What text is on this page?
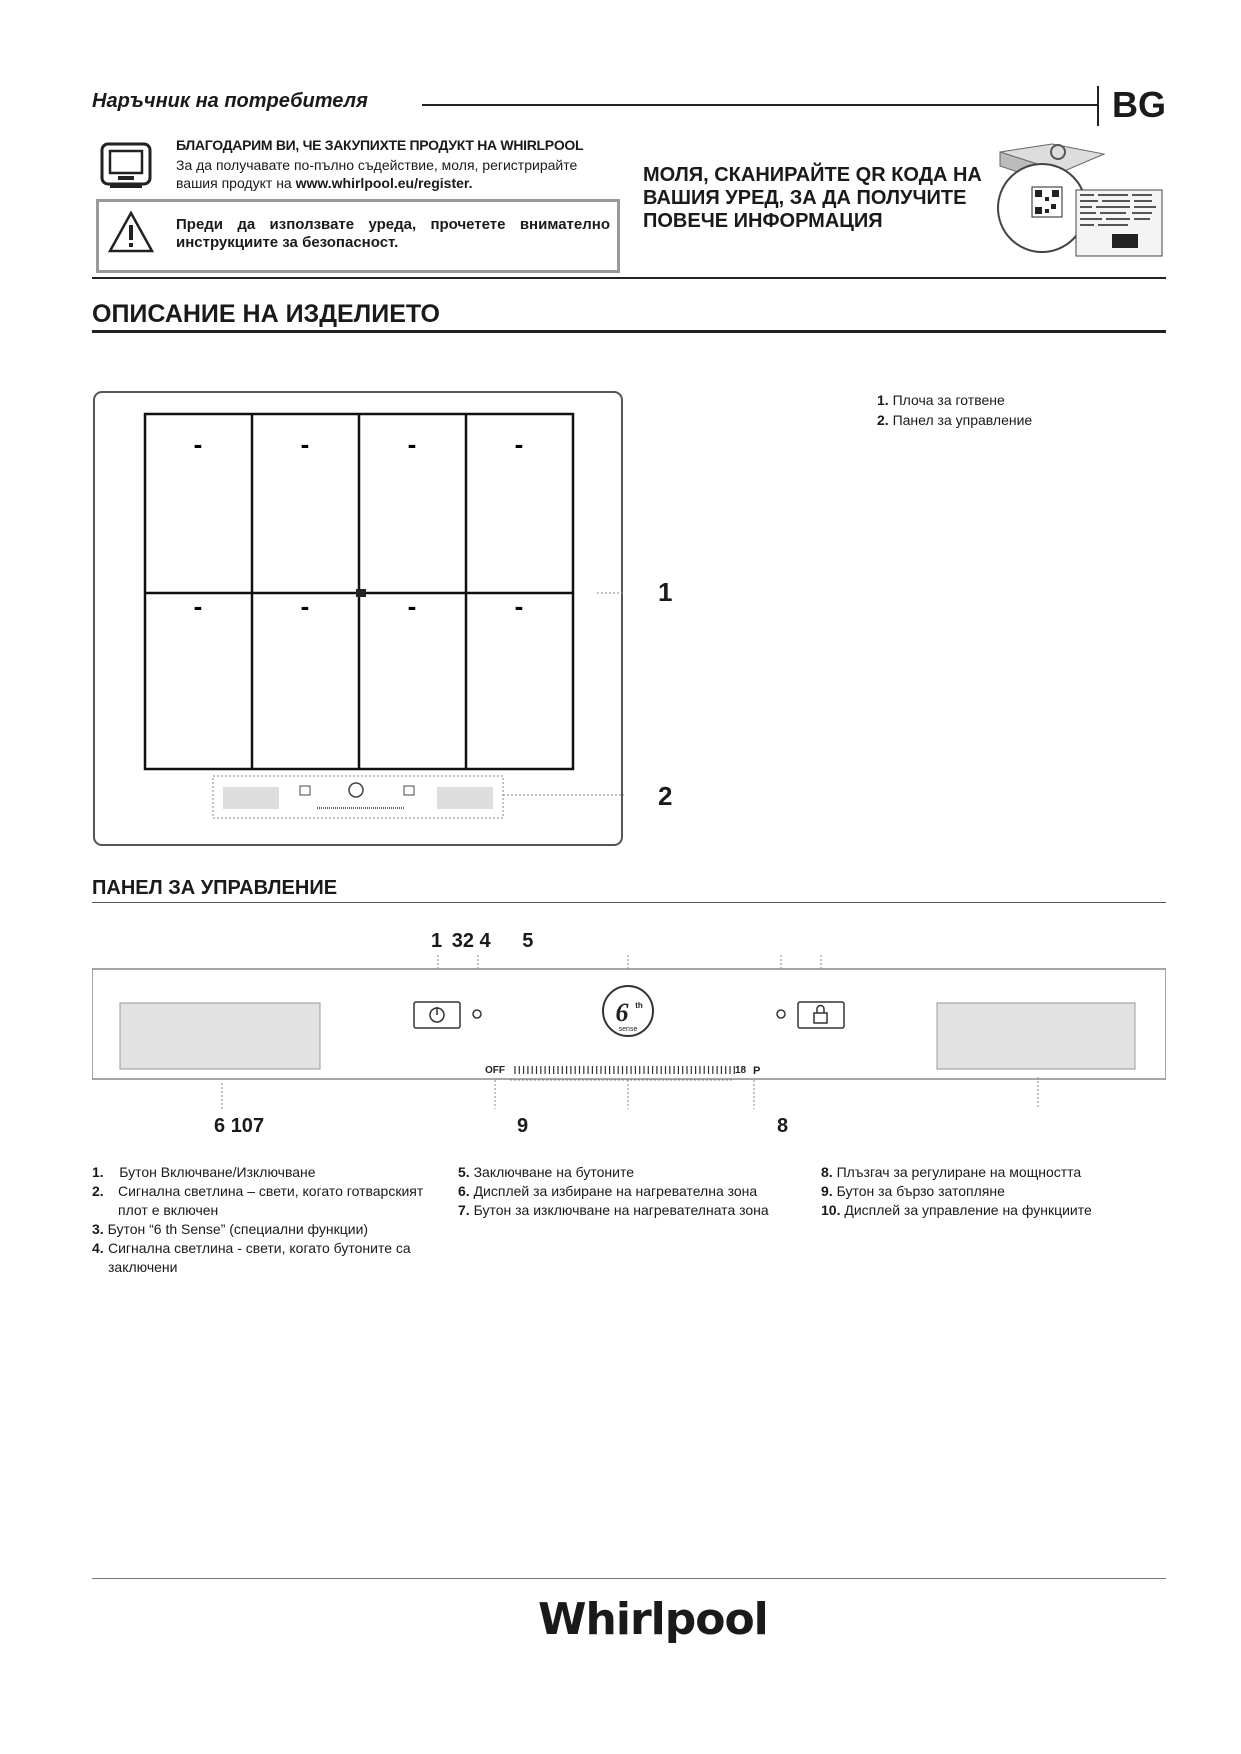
Наръчник на потребителя	BG
БЛАГОДАРИМ ВИ, ЧЕ ЗАКУПИХТЕ ПРОДУКТ НА WHIRLPOOL
За да получавате по-пълно съдействие, моля, регистрирайте
вашия продукт на www.whirlpool.eu/register.
Преди да използвате уреда, прочетете внимателно инструкциите за безопасност.
МОЛЯ, СКАНИРАЙТЕ QR КОДА НА ВАШИЯ УРЕД, ЗА ДА ПОЛУЧИТЕ ПОВЕЧЕ ИНФОРМАЦИЯ
ОПИСАНИЕ НА ИЗДЕЛИЕТО
-	-	-	-
-	-	-	-	1
2
1. Плоча за готвене
2. Панел за управление
ПАНЕЛ ЗА УПРАВЛЕНИЕ
1 32 4 5
6 th
sense
OFF	18 P
6 107	9	8
1. Бутон Включване/Изключване
2.	Сигнална светлина – свети, когато готварският плот е включен
3. Бутон “6 th Sense” (специални функции)
4. Сигнална светлина - свети, когато бутоните са заключени
5. Заключване на бутоните
6. Дисплей за избиране на нагревателна зона
7. Бутон за изключване на нагревателната зона
8. Плъзгач за регулиране на мощността
9. Бутон за бързо затопляне
10. Дисплей за управление на функциите
Whirlpool
